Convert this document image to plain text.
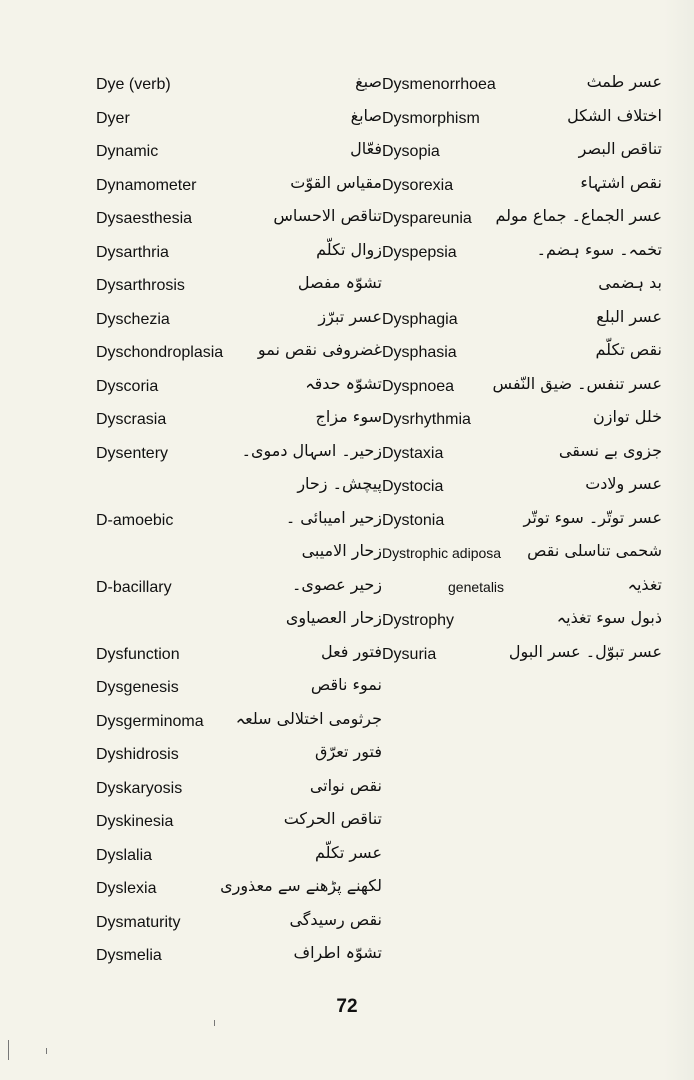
Dye (verb)	صبغ
Dyer	صابغ
Dynamic	فعّال
Dynamometer	مقیاس القوّت
Dysaesthesia	تناقص الاحساس
Dysarthria	زوال تکلّم
Dysarthrosis	تشوّہ مفصل
Dyschezia	عسر تبرّز
Dyschondroplasia غضروفی نقص نمو
Dyscoria	تشوّہ حدقہ
Dyscrasia	سوء مزاج
Dysentery	زحیر۔ اسہال دموی۔
پیچش۔ زحار
D-amoebic	زحیر امیبائی ۔
زحار الامیبی
D-bacillary	زحیر عصوی۔
زحار العصیاوی
Dysfunction	فتور فعل
Dysgenesis	نموء ناقص
Dysgerminoma جرثومی اختلالی سلعہ
Dyshidrosis	فتور تعرّق
Dyskaryosis	نقص نواتی
Dyskinesia	تناقص الحرکت
Dyslalia	عسر تکلّم
Dyslexia	لکھنے پڑھنے سے معذوری
Dysmaturity	نقص رسیدگی
Dysmelia	تشوّہ اطراف
Dysmenorrhoea	عسر طمث
Dysmorphism	اختلاف الشکل
Dysopia	تناقص البصر
Dysorexia	نقص اشتہاء
Dyspareunia عسر الجماع۔ جماع مولم
Dyspepsia	تخمہ۔ سوء ہضم۔
بد ہضمی
Dysphagia	عسر البلع
Dysphasia	نقص تکلّم
Dyspnoea عسر تنفس۔ ضیق النّفس
Dysrhythmia	خلل توازن
Dystaxia	جزوی بے نسقی
Dystocia	عسر ولادت
Dystonia	عسر توتّر۔ سوء توتّر
Dystrophic adiposa شحمی تناسلی نقص
genetalis	تغذیہ
Dystrophy	ذبول سوء تغذیہ
Dysuria	عسر تبوّل۔ عسر البول
72
